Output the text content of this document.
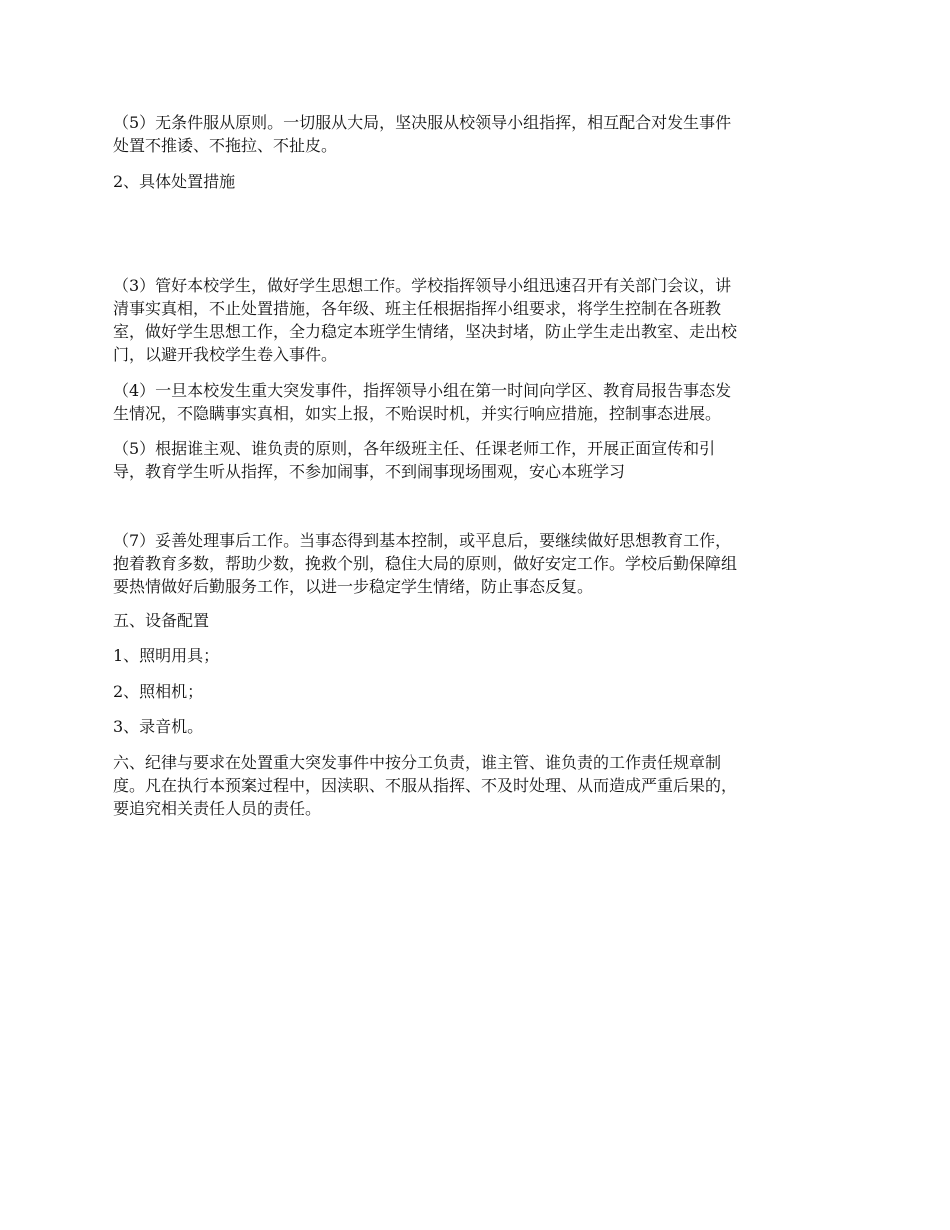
（5）无条件服从原则。一切服从大局，坚决服从校领导小组指挥，相互配合对发生事件
处置不推诿、不拖拉、不扯皮。

2、具体处置措施

（3）管好本校学生，做好学生思想工作。学校指挥领导小组迅速召开有关部门会议，讲
清事实真相，不止处置措施，各年级、班主任根据指挥小组要求，将学生控制在各班教
室，做好学生思想工作，全力稳定本班学生情绪，坚决封堵，防止学生走出教室、走出校
门，以避开我校学生卷入事件。

（4）一旦本校发生重大突发事件，指挥领导小组在第一时间向学区、教育局报告事态发
生情况，不隐瞒事实真相，如实上报，不贻误时机，并实行响应措施，控制事态进展。

（5）根据谁主观、谁负责的原则，各年级班主任、任课老师工作，开展正面宣传和引
导，教育学生听从指挥，不参加闹事，不到闹事现场围观，安心本班学习

（7）妥善处理事后工作。当事态得到基本控制，或平息后，要继续做好思想教育工作，
抱着教育多数，帮助少数，挽救个别，稳住大局的原则，做好安定工作。学校后勤保障组
要热情做好后勤服务工作，以进一步稳定学生情绪，防止事态反复。

五、设备配置

1、照明用具；

2、照相机；

3、录音机。

六、纪律与要求在处置重大突发事件中按分工负责，谁主管、谁负责的工作责任规章制
度。凡在执行本预案过程中，因渎职、不服从指挥、不及时处理、从而造成严重后果的，
要追究相关责任人员的责任。
